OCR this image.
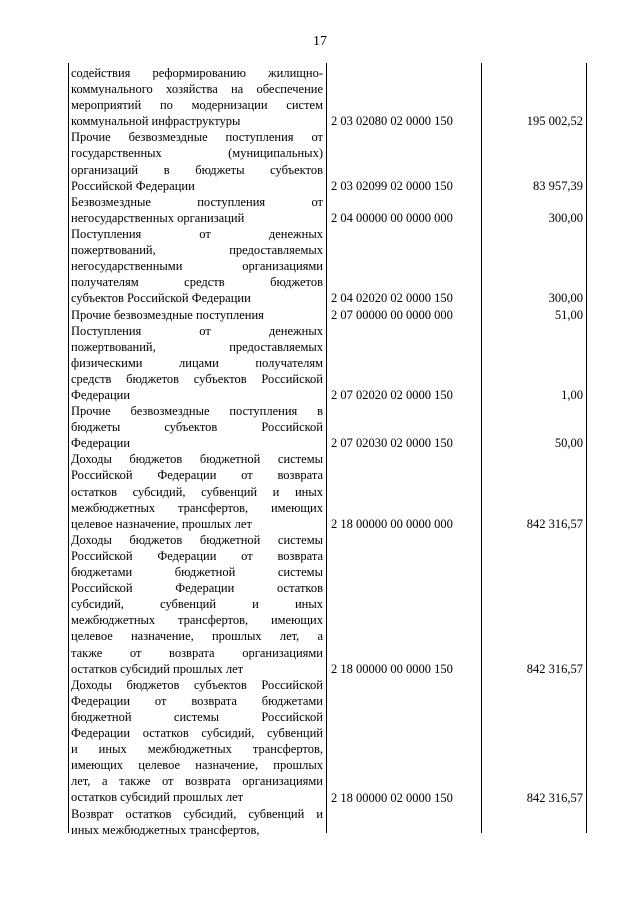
17
содействия реформированию жилищно-
коммунального хозяйства на обеспечение
мероприятий по модернизации систем
коммунальной инфраструктуры	2 03 02080 02 0000 150	195 002,52
Прочие безвозмездные поступления от
государственных (муниципальных)
организаций в бюджеты субъектов
Российской Федерации	2 03 02099 02 0000 150	83 957,39
Безвозмездные поступления от
негосударственных организаций	2 04 00000 00 0000 000	300,00
Поступления от денежных
пожертвований, предоставляемых
негосударственными организациями
получателям средств бюджетов
субъектов Российской Федерации	2 04 02020 02 0000 150	300,00
Прочие безвозмездные поступления	2 07 00000 00 0000 000	51,00
Поступления от денежных
пожертвований, предоставляемых
физическими лицами получателям
средств бюджетов субъектов Российской
Федерации	2 07 02020 02 0000 150	1,00
Прочие безвозмездные поступления в
бюджеты субъектов Российской
Федерации	2 07 02030 02 0000 150	50,00
Доходы бюджетов бюджетной системы
Российской Федерации от возврата
остатков субсидий, субвенций и иных
межбюджетных трансфертов, имеющих
целевое назначение, прошлых лет	2 18 00000 00 0000 000	842 316,57
Доходы бюджетов бюджетной системы
Российской Федерации от возврата
бюджетами бюджетной системы
Российской Федерации остатков
субсидий, субвенций и иных
межбюджетных трансфертов, имеющих
целевое назначение, прошлых лет, а
также от возврата организациями
остатков субсидий прошлых лет	2 18 00000 00 0000 150	842 316,57
Доходы бюджетов субъектов Российской
Федерации от возврата бюджетами
бюджетной системы Российской
Федерации остатков субсидий, субвенций
и иных межбюджетных трансфертов,
имеющих целевое назначение, прошлых
лет, а также от возврата организациями
остатков субсидий прошлых лет	2 18 00000 02 0000 150	842 316,57
Возврат остатков субсидий, субвенций и
иных межбюджетных трансфертов,
